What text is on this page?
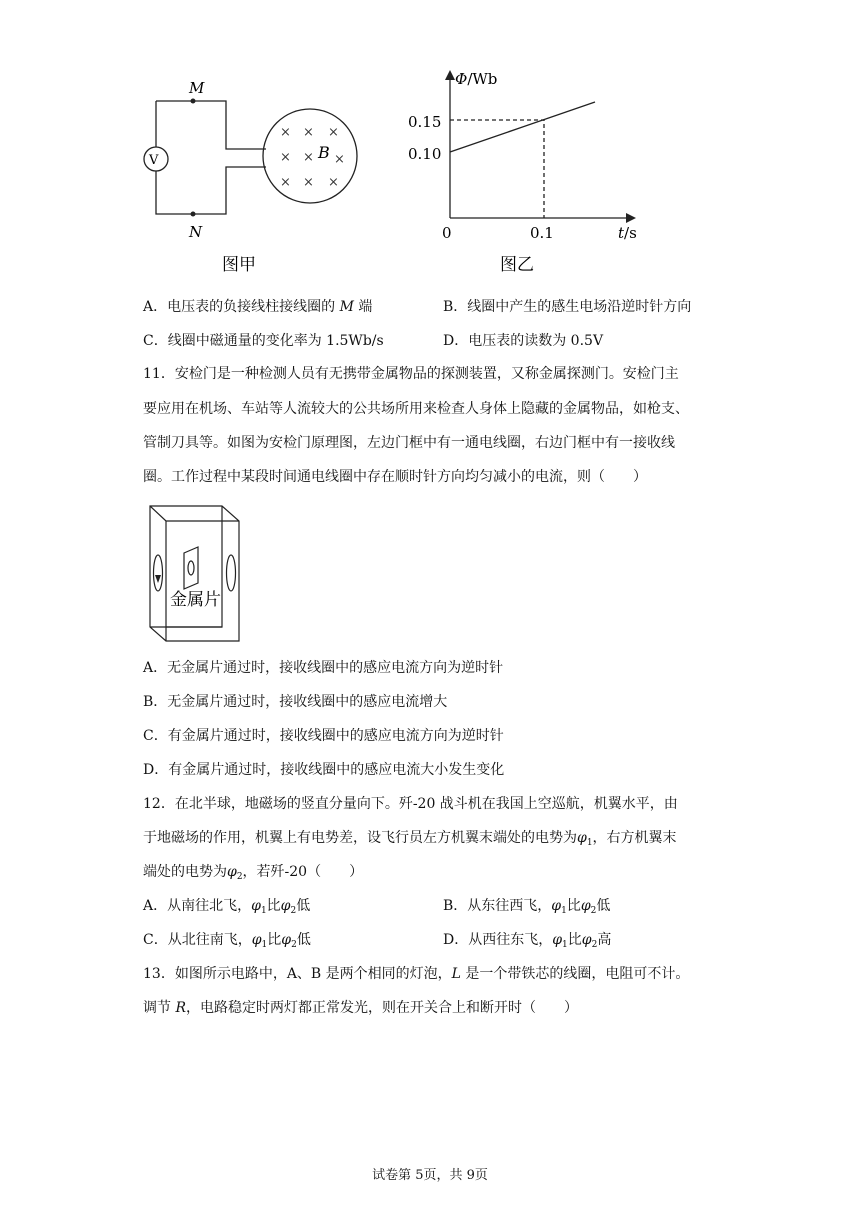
V
M
N
B
× × ×
× × ×
× × ×
图甲
Φ/Wb
0.15
0.10
0	0.1	t/s
图乙
A．电压表的负接线柱接线圈的 M 端	B．线圈中产生的感生电场沿逆时针方向
C．线圈中磁通量的变化率为 1.5Wb/s	D．电压表的读数为 0.5V
11．安检门是一种检测人员有无携带金属物品的探测装置，又称金属探测门。安检门主
要应用在机场、车站等人流较大的公共场所用来检查人身体上隐藏的金属物品，如枪支、
管制刀具等。如图为安检门原理图，左边门框中有一通电线圈，右边门框中有一接收线
圈。工作过程中某段时间通电线圈中存在顺时针方向均匀减小的电流，则（　　）
金属片
A．无金属片通过时，接收线圈中的感应电流方向为逆时针
B．无金属片通过时，接收线圈中的感应电流增大
C．有金属片通过时，接收线圈中的感应电流方向为逆时针
D．有金属片通过时，接收线圈中的感应电流大小发生变化
12．在北半球，地磁场的竖直分量向下。歼-20 战斗机在我国上空巡航，机翼水平，由
于地磁场的作用，机翼上有电势差，设飞行员左方机翼末端处的电势为$\varphi_1$，右方机翼末
端处的电势为$\varphi_2$，若歼-20（　　）
A．从南往北飞，$\varphi_1$比$\varphi_2$低	B．从东往西飞，$\varphi_1$比$\varphi_2$低
C．从北往南飞，$\varphi_1$比$\varphi_2$低	D．从西往东飞，$\varphi_1$比$\varphi_2$高
13．如图所示电路中，A、B 是两个相同的灯泡，L 是一个带铁芯的线圈，电阻可不计。
调节 R，电路稳定时两灯都正常发光，则在开关合上和断开时（　　）
试卷第 5页，共 9页
